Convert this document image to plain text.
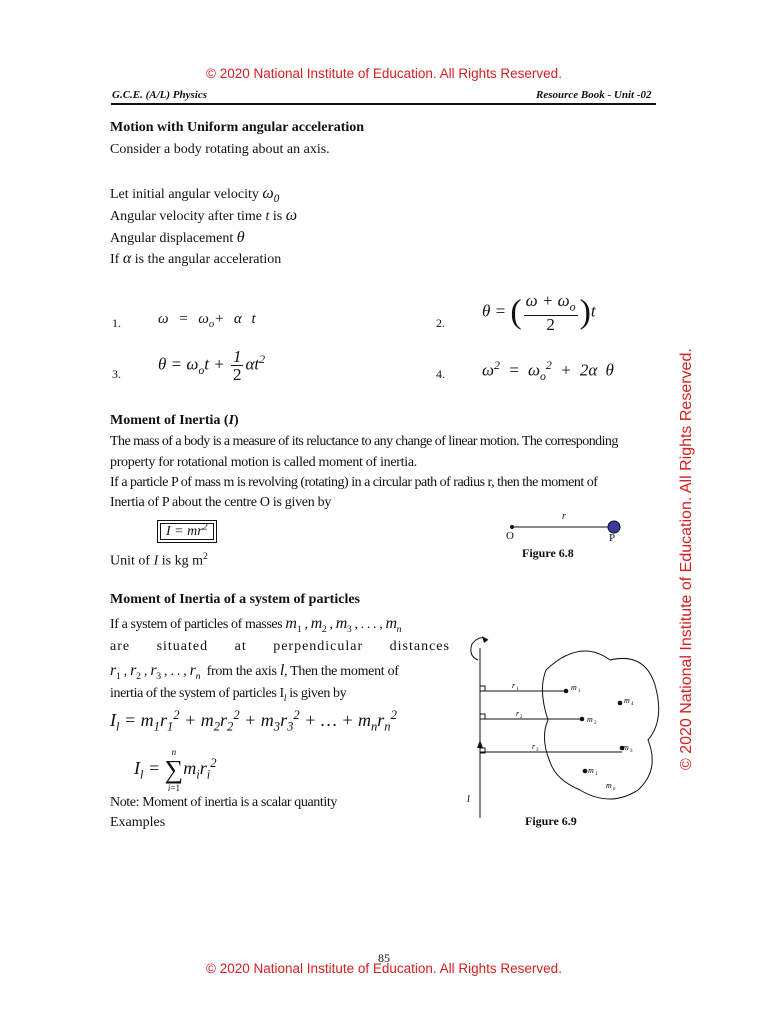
© 2020 National Institute of Education. All Rights Reserved.
G.C.E. (A/L) Physics	Resource Book - Unit -02
© 2020 National Institute of Education. All Rights Reserved.
Motion with Uniform angular acceleration
Consider a body rotating about an axis.
Let initial angular velocity $\omega_0$
Angular velocity after time t is ω
Angular displacement θ
If α is the angular acceleration
1. $\omega = \omega_o+ \alpha$ t	2.
θ = ( $\frac{\omega + \omega_o}{2} )t$
3.
$\theta = \omega_ot + \frac{1}{2} \alpha t^2$
4. $\omega^2 = \omega_o^2 + 2\alpha$ θ
Moment of Inertia (I)
The mass of a body is a measure of its reluctance to any change of linear motion. The corresponding
property for rotational motion is called moment of inertia.
If a particle P of mass m is revolving (rotating) in a circular path of radius r, then the moment of
Inertia of P about the centre O is given by
$I = mr^2$
Unit of I is kg $m^2$
r
O	P
Figure 6.8
Moment of Inertia of a system of particles
If a system of particles of masses $m_1$ , $m_2$ , $m_3$ , . . . , $m_n$
are situated at perpendicular distances
$r_1$ , $r_2$ , $r_3$ , . . , $r_n$ from the axis l, Then the moment of
inertia of the system of particles $I_l$ is given by
$I_l = m_1r_1^2 + m_2r_2^2 + m_3r_3^2$ + … + $m_nr_n^2$
$I_l$ =
n
∑
i=1
$m_ir_i^2$
Note: Moment of inertia is a scalar quantity
Examples
r 1
r 2
r 3
m 1
m 4
m 2
m 3
m 1
m n
l
Figure 6.9
85
© 2020 National Institute of Education. All Rights Reserved.
